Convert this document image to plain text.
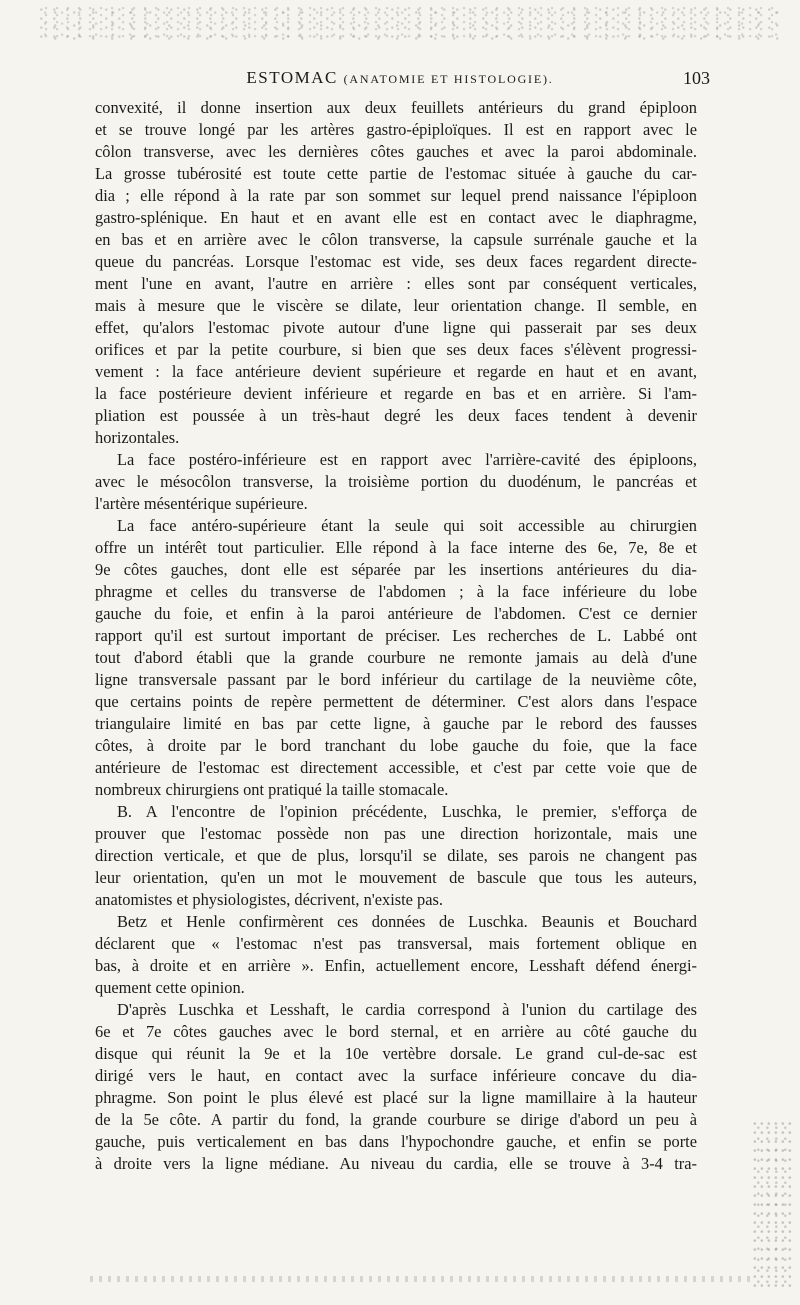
ESTOMAC (ANATOMIE ET HISTOLOGIE).	103
convexité, il donne insertion aux deux feuillets antérieurs du grand épiploon
et se trouve longé par les artères gastro-épiploïques. Il est en rapport avec le
côlon transverse, avec les dernières côtes gauches et avec la paroi abdominale.
La grosse tubérosité est toute cette partie de l'estomac située à gauche du car-
dia ; elle répond à la rate par son sommet sur lequel prend naissance l'épiploon
gastro-splénique. En haut et en avant elle est en contact avec le diaphragme,
en bas et en arrière avec le côlon transverse, la capsule surrénale gauche et la
queue du pancréas. Lorsque l'estomac est vide, ses deux faces regardent directe-
ment l'une en avant, l'autre en arrière : elles sont par conséquent verticales,
mais à mesure que le viscère se dilate, leur orientation change. Il semble, en
effet, qu'alors l'estomac pivote autour d'une ligne qui passerait par ses deux
orifices et par la petite courbure, si bien que ses deux faces s'élèvent progressi-
vement : la face antérieure devient supérieure et regarde en haut et en avant,
la face postérieure devient inférieure et regarde en bas et en arrière. Si l'am-
pliation est poussée à un très-haut degré les deux faces tendent à devenir
horizontales.
La face postéro-inférieure est en rapport avec l'arrière-cavité des épiploons,
avec le mésocôlon transverse, la troisième portion du duodénum, le pancréas et
l'artère mésentérique supérieure.
La face antéro-supérieure étant la seule qui soit accessible au chirurgien
offre un intérêt tout particulier. Elle répond à la face interne des 6e, 7e, 8e et
9e côtes gauches, dont elle est séparée par les insertions antérieures du dia-
phragme et celles du transverse de l'abdomen ; à la face inférieure du lobe
gauche du foie, et enfin à la paroi antérieure de l'abdomen. C'est ce dernier
rapport qu'il est surtout important de préciser. Les recherches de L. Labbé ont
tout d'abord établi que la grande courbure ne remonte jamais au delà d'une
ligne transversale passant par le bord inférieur du cartilage de la neuvième côte,
que certains points de repère permettent de déterminer. C'est alors dans l'espace
triangulaire limité en bas par cette ligne, à gauche par le rebord des fausses
côtes, à droite par le bord tranchant du lobe gauche du foie, que la face
antérieure de l'estomac est directement accessible, et c'est par cette voie que de
nombreux chirurgiens ont pratiqué la taille stomacale.
B. A l'encontre de l'opinion précédente, Luschka, le premier, s'efforça de
prouver que l'estomac possède non pas une direction horizontale, mais une
direction verticale, et que de plus, lorsqu'il se dilate, ses parois ne changent pas
leur orientation, qu'en un mot le mouvement de bascule que tous les auteurs,
anatomistes et physiologistes, décrivent, n'existe pas.
Betz et Henle confirmèrent ces données de Luschka. Beaunis et Bouchard
déclarent que « l'estomac n'est pas transversal, mais fortement oblique en
bas, à droite et en arrière ». Enfin, actuellement encore, Lesshaft défend énergi-
quement cette opinion.
D'après Luschka et Lesshaft, le cardia correspond à l'union du cartilage des
6e et 7e côtes gauches avec le bord sternal, et en arrière au côté gauche du
disque qui réunit la 9e et la 10e vertèbre dorsale. Le grand cul-de-sac est
dirigé vers le haut, en contact avec la surface inférieure concave du dia-
phragme. Son point le plus élevé est placé sur la ligne mamillaire à la hauteur
de la 5e côte. A partir du fond, la grande courbure se dirige d'abord un peu à
gauche, puis verticalement en bas dans l'hypochondre gauche, et enfin se porte
à droite vers la ligne médiane. Au niveau du cardia, elle se trouve à 3-4 tra-
